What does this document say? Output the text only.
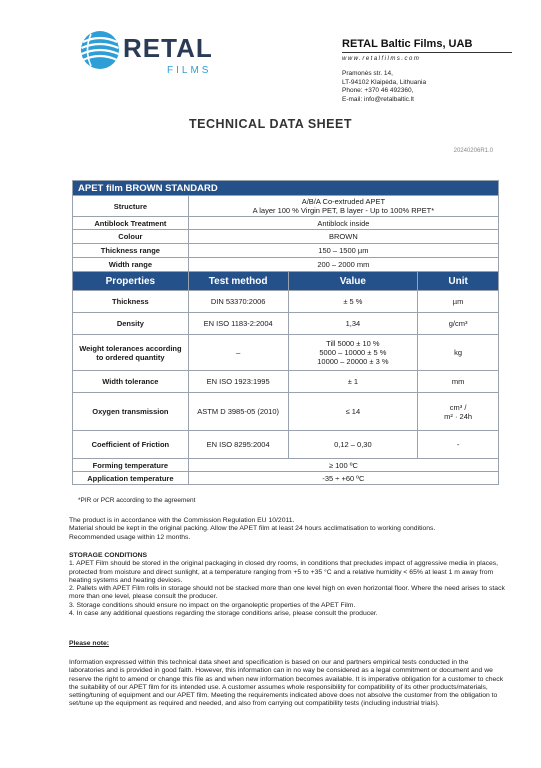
RETAL
FILMS
RETAL Baltic Films, UAB
www.retalfilms.com
Pramonės str. 14,
LT-94102 Klaipėda, Lithuania
Phone: +370 46 492360,
E-mail: info@retalbaltic.lt
TECHNICAL DATA SHEET
20240206R1.0
APET film BROWN STANDARD			
Structure	A/B/A Co-extruded APET
A layer 100 % Virgin PET, B layer - Up to 100% RPET*		

Antiblock Treatment	Antiblock inside		
Colour	BROWN		
Thickness range	150 – 1500 µm		
Width range	200 – 2000 mm		
Properties	Test method	Value	Unit
Thickness	DIN 53370:2006	± 5 %	µm
Density	EN ISO 1183-2:2004	1,34	g/cm³
Weight tolerances according to ordered quantity	–	Till 5000 ± 10 %
5000 – 10000 ± 5 %
10000 – 20000 ± 3 %	kg
Width tolerance	EN ISO 1923:1995	± 1	mm
Oxygen transmission	ASTM D 3985-05 (2010)	≤ 14	cm³ /
m² · 24h

Coefficient of Friction	EN ISO 8295:2004	0,12 – 0,30	-
Forming temperature	≥ 100 ºC		
Application temperature	-35 ÷ +60 ºC		
*PIR or PCR according to the agreement
The product is in accordance with the Commission Regulation EU 10/2011.
Material should be kept in the original packing. Allow the APET film at least 24 hours acclimatisation to working conditions.
Recommended usage within 12 months.
STORAGE CONDITIONS
1. APET Film should be stored in the original packaging in closed dry rooms, in conditions that precludes impact of aggressive media in places, protected from moisture and direct sunlight, at a temperature ranging from +5 to +35 °C and a relative humidity < 65% at least 1 m away from heating systems and heating devices.
2. Pallets with APET Film rolls in storage should not be stacked more than one level high on even horizontal floor. Where the need arises to stack more than one level, please consult the producer.
3. Storage conditions should ensure no impact on the organoleptic properties of the APET Film.
4. In case any additional questions regarding the storage conditions arise, please consult the producer.
Please note:
Information expressed within this technical data sheet and specification is based on our and partners empirical tests conducted in the laboratories and is provided in good faith. However, this information can in no way be considered as a legal commitment or document and we reserve the right to amend or change this file as and when new information becomes available. It is imperative obligation for a customer to check the suitability of our APET film for its intended use. A customer assumes whole responsibility for compatibility of its other products/materials, setting/tuning of equipment and our APET film. Meeting the requirements indicated above does not absolve the customer from the obligation to set/tune up the equipment as required and needed, and also from carrying out compatibility tests (including industrial trials).
